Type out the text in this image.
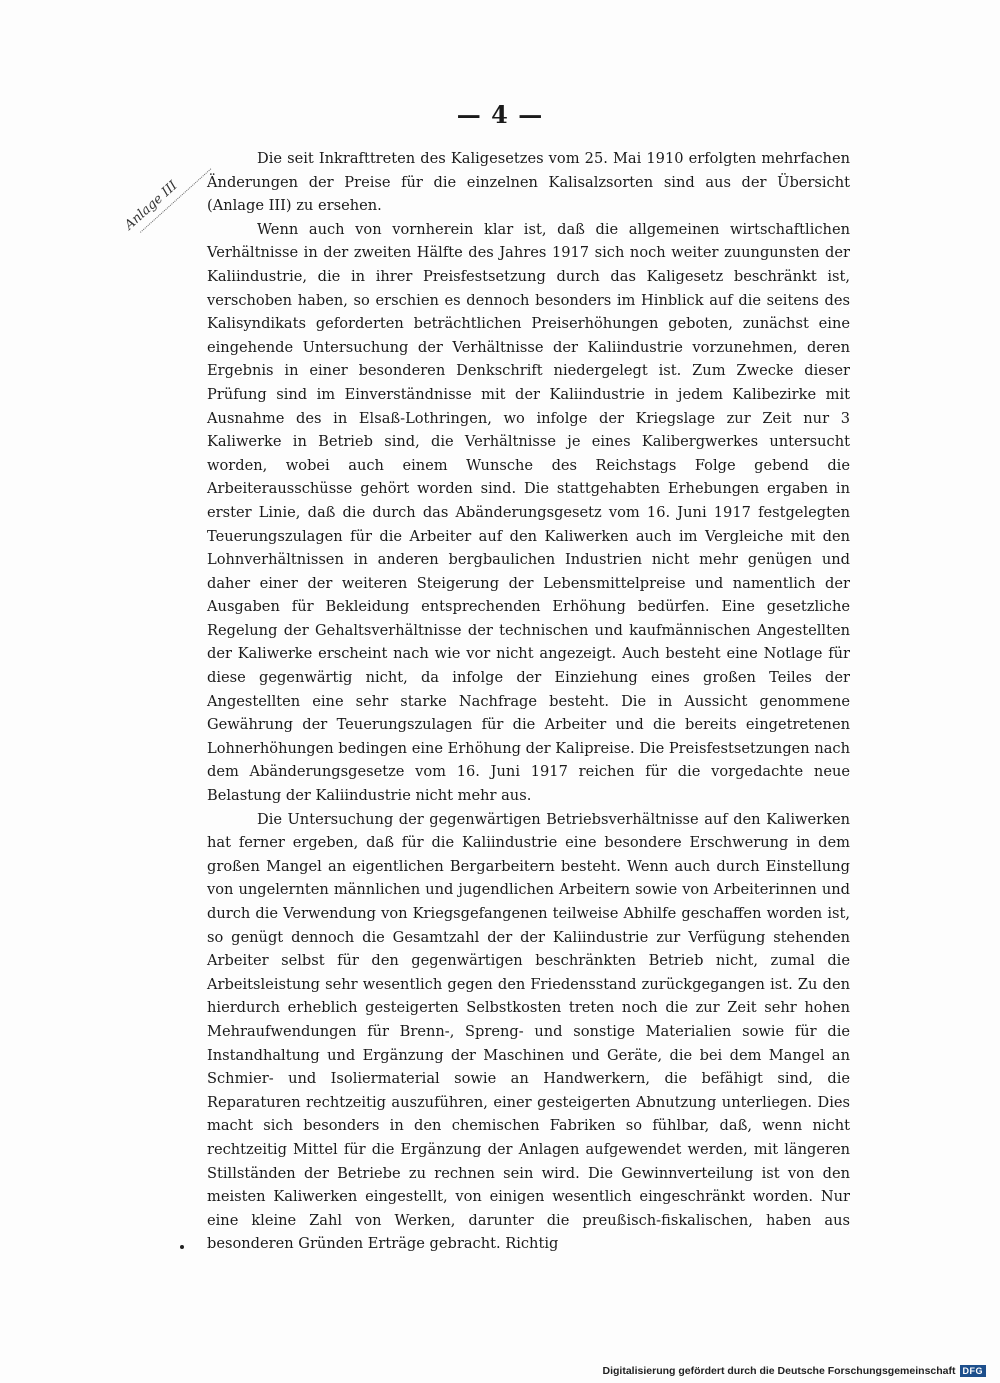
— 4 —
Anlage III

Die seit Inkrafttreten des Kaligesetzes vom 25. Mai 1910 erfolgten mehrfachen Änderungen der Preise für die einzelnen Kalisalzsorten sind aus der Übersicht (Anlage III) zu ersehen.

Wenn auch von vornherein klar ist, daß die allgemeinen wirtschaftlichen Verhältnisse in der zweiten Hälfte des Jahres 1917 sich noch weiter zuungunsten der Kaliindustrie, die in ihrer Preisfestsetzung durch das Kaligesetz beschränkt ist, verschoben haben, so erschien es dennoch besonders im Hinblick auf die seitens des Kalisyndikats geforderten beträchtlichen Preiserhöhungen geboten, zunächst eine eingehende Untersuchung der Verhältnisse der Kaliindustrie vorzunehmen, deren Ergebnis in einer besonderen Denkschrift niedergelegt ist. Zum Zwecke dieser Prüfung sind im Einverständnisse mit der Kaliindustrie in jedem Kalibezirke mit Ausnahme des in Elsaß-Lothringen, wo infolge der Kriegslage zur Zeit nur 3 Kaliwerke in Betrieb sind, die Verhältnisse je eines Kalibergwerkes untersucht worden, wobei auch einem Wunsche des Reichstags Folge gebend die Arbeiterausschüsse gehört worden sind. Die stattgehabten Erhebungen ergaben in erster Linie, daß die durch das Abänderungsgesetz vom 16. Juni 1917 festgelegten Teuerungszulagen für die Arbeiter auf den Kaliwerken auch im Vergleiche mit den Lohnverhältnissen in anderen bergbaulichen Industrien nicht mehr genügen und daher einer der weiteren Steigerung der Lebensmittelpreise und namentlich der Ausgaben für Bekleidung entsprechenden Erhöhung bedürfen. Eine gesetzliche Regelung der Gehaltsverhältnisse der technischen und kaufmännischen Angestellten der Kaliwerke erscheint nach wie vor nicht angezeigt. Auch besteht eine Notlage für diese gegenwärtig nicht, da infolge der Einziehung eines großen Teiles der Angestellten eine sehr starke Nachfrage besteht. Die in Aussicht genommene Gewährung der Teuerungszulagen für die Arbeiter und die bereits eingetretenen Lohnerhöhungen bedingen eine Erhöhung der Kalipreise. Die Preisfestsetzungen nach dem Abänderungsgesetze vom 16. Juni 1917 reichen für die vorgedachte neue Belastung der Kaliindustrie nicht mehr aus.

Die Untersuchung der gegenwärtigen Betriebsverhältnisse auf den Kaliwerken hat ferner ergeben, daß für die Kaliindustrie eine besondere Erschwerung in dem großen Mangel an eigentlichen Bergarbeitern besteht. Wenn auch durch Einstellung von ungelernten männlichen und jugendlichen Arbeitern sowie von Arbeiterinnen und durch die Verwendung von Kriegsgefangenen teilweise Abhilfe geschaffen worden ist, so genügt dennoch die Gesamtzahl der der Kaliindustrie zur Verfügung stehenden Arbeiter selbst für den gegenwärtigen beschränkten Betrieb nicht, zumal die Arbeitsleistung sehr wesentlich gegen den Friedensstand zurückgegangen ist. Zu den hierdurch erheblich gesteigerten Selbstkosten treten noch die zur Zeit sehr hohen Mehraufwendungen für Brenn-, Spreng- und sonstige Materialien sowie für die Instandhaltung und Ergänzung der Maschinen und Geräte, die bei dem Mangel an Schmier- und Isoliermaterial sowie an Handwerkern, die befähigt sind, die Reparaturen rechtzeitig auszuführen, einer gesteigerten Abnutzung unterliegen. Dies macht sich besonders in den chemischen Fabriken so fühlbar, daß, wenn nicht rechtzeitig Mittel für die Ergänzung der Anlagen aufgewendet werden, mit längeren Stillständen der Betriebe zu rechnen sein wird. Die Gewinnverteilung ist von den meisten Kaliwerken eingestellt, von einigen wesentlich eingeschränkt worden. Nur eine kleine Zahl von Werken, darunter die preußisch-fiskalischen, haben aus besonderen Gründen Erträge gebracht. Richtig

Digitalisierung gefördert durch die Deutsche Forschungsgemeinschaft DFG
